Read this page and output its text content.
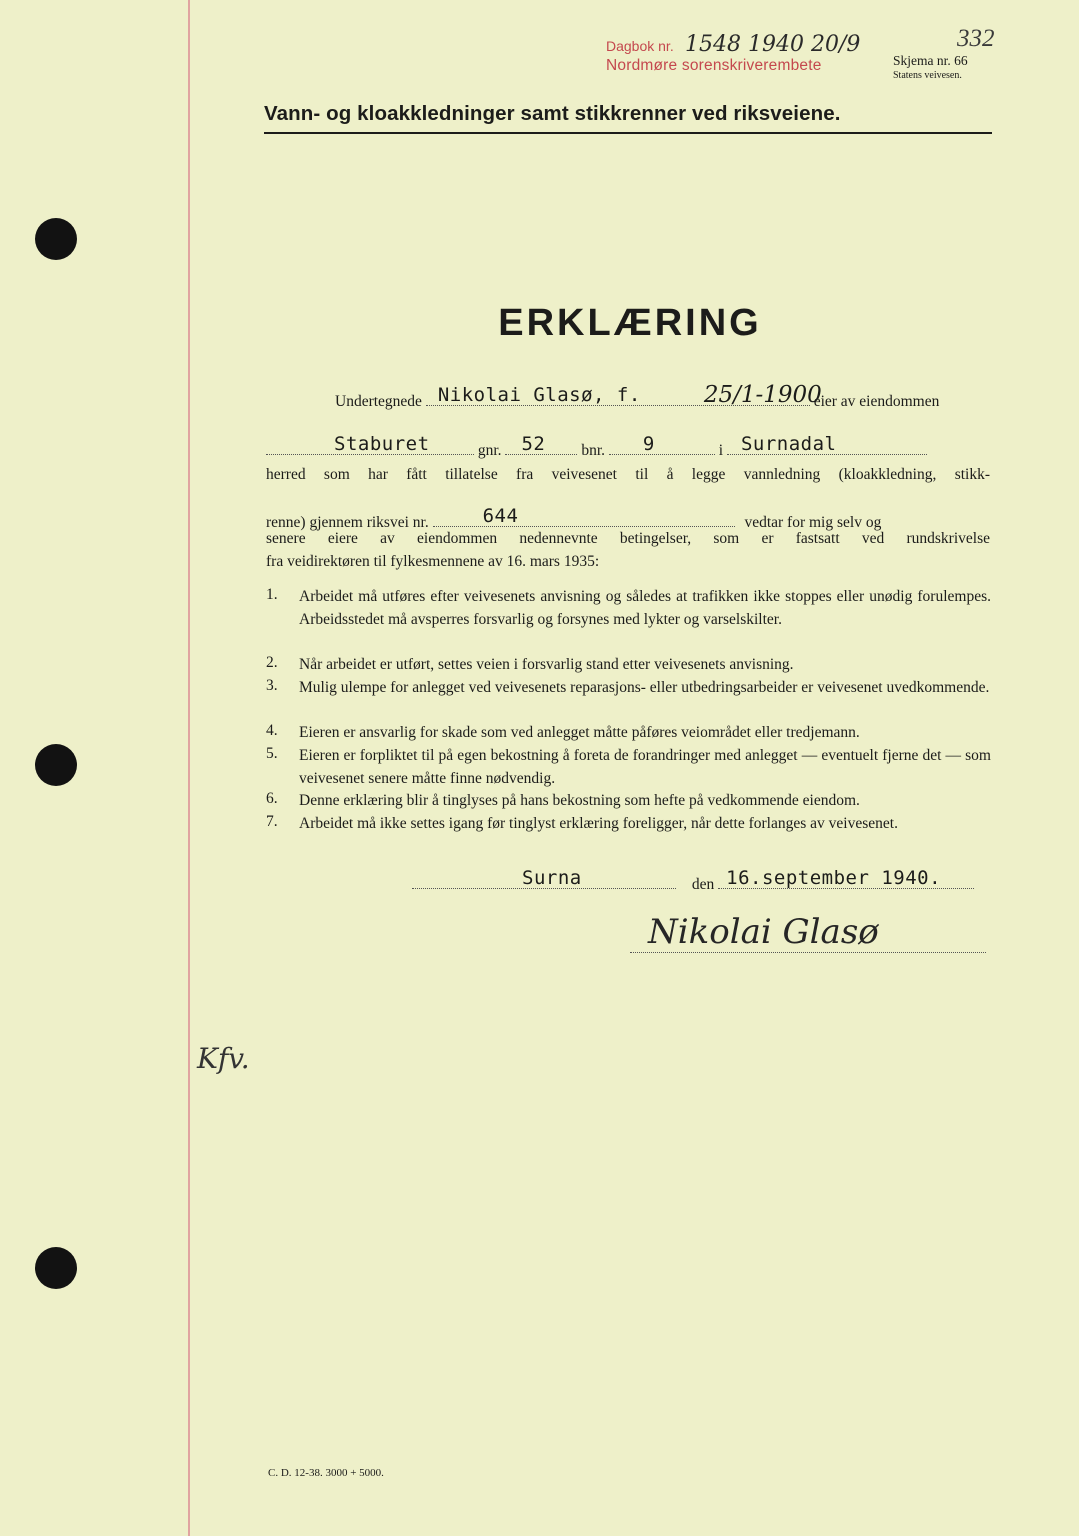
Dagbok nr. 1548 1940 20/9
Nordmøre sorenskriverembete	Skjema nr. 66
Statens veivesen.
332
Vann- og kloakkledninger samt stikkrenner ved riksveiene.
ERKLÆRING
Undertegnede Nikolai Glasø, f.	25/1-1900
eier av eiendommen
Staburet	gnr. 52 bnr. 9	i Surnadal
herred som har fått tillatelse fra veivesenet til å legge vannledning (kloakkledning, stikk-
renne) gjennem riksvei nr.	644	vedtar for mig selv og
senere eiere av eiendommen nedennevnte betingelser, som er fastsatt ved rundskrivelse
fra veidirektøren til fylkesmennene av 16. mars 1935:
1. Arbeidet må utføres efter veivesenets anvisning og således at trafikken ikke stoppes eller unødig forulempes. Arbeidsstedet må avsperres forsvarlig og forsynes med lykter og varselskilter.
2. Når arbeidet er utført, settes veien i forsvarlig stand etter veivesenets anvisning.
3. Mulig ulempe for anlegget ved veivesenets reparasjons- eller utbedringsarbeider er veivesenet uvedkommende.
4. Eieren er ansvarlig for skade som ved anlegget måtte påføres veiområdet eller tredjemann.
5. Eieren er forpliktet til på egen bekostning å foreta de forandringer med anlegget — eventuelt fjerne det — som veivesenet senere måtte finne nødvendig.
6. Denne erklæring blir å tinglyses på hans bekostning som hefte på vedkommende eiendom.
7. Arbeidet må ikke settes igang før tinglyst erklæring foreligger, når dette forlanges av veivesenet.
Surna	den 16.september 1940.
Nikolai Glasø
Kfv.
C. D. 12-38. 3000 + 5000.
